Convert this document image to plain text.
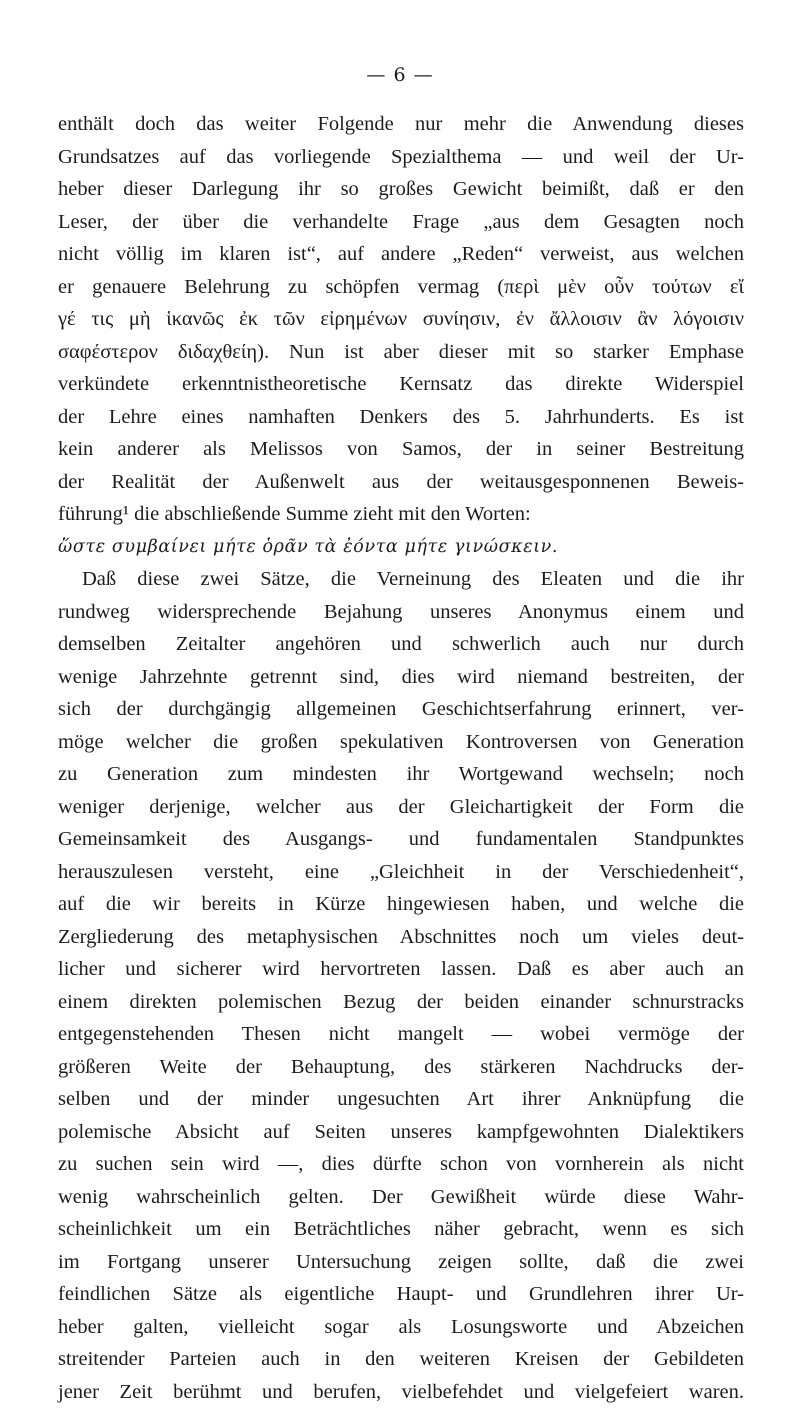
— 6 —
enthält doch das weiter Folgende nur mehr die Anwendung dieses
Grundsatzes auf das vorliegende Spezialthema — und weil der Ur-
heber dieser Darlegung ihr so großes Gewicht beimißt, daß er den
Leser, der über die verhandelte Frage „aus dem Gesagten noch
nicht völlig im klaren ist“, auf andere „Reden“ verweist, aus welchen
er genauere Belehrung zu schöpfen vermag (περὶ μὲν οὖν τούτων εἴ
γέ τις μὴ ἱκανῶς ἐκ τῶν εἰρημένων συνίησιν, ἐν ἄλλοισιν ἂν λόγοισιν
σαφέστερον διδαχθείη). Nun ist aber dieser mit so starker Emphase
verkündete erkenntnistheoretische Kernsatz das direkte Widerspiel
der Lehre eines namhaften Denkers des 5. Jahrhunderts. Es ist
kein anderer als Melissos von Samos, der in seiner Bestreitung
der Realität der Außenwelt aus der weitausgesponnenen Beweis-
führung¹ die abschließende Summe zieht mit den Worten:
ὥστε συμβαίνει μήτε ὁρᾶν τὰ ἐόντα μήτε γινώσκειν.
Daß diese zwei Sätze, die Verneinung des Eleaten und die ihr
rundweg widersprechende Bejahung unseres Anonymus einem und
demselben Zeitalter angehören und schwerlich auch nur durch
wenige Jahrzehnte getrennt sind, dies wird niemand bestreiten, der
sich der durchgängig allgemeinen Geschichtserfahrung erinnert, ver-
möge welcher die großen spekulativen Kontroversen von Generation
zu Generation zum mindesten ihr Wortgewand wechseln; noch
weniger derjenige, welcher aus der Gleichartigkeit der Form die
Gemeinsamkeit des Ausgangs- und fundamentalen Standpunktes
herauszulesen versteht, eine „Gleichheit in der Verschiedenheit“,
auf die wir bereits in Kürze hingewiesen haben, und welche die
Zergliederung des metaphysischen Abschnittes noch um vieles deut-
licher und sicherer wird hervortreten lassen. Daß es aber auch an
einem direkten polemischen Bezug der beiden einander schnurstracks
entgegenstehenden Thesen nicht mangelt — wobei vermöge der
größeren Weite der Behauptung, des stärkeren Nachdrucks der-
selben und der minder ungesuchten Art ihrer Anknüpfung die
polemische Absicht auf Seiten unseres kampfgewohnten Dialektikers
zu suchen sein wird —, dies dürfte schon von vornherein als nicht
wenig wahrscheinlich gelten. Der Gewißheit würde diese Wahr-
scheinlichkeit um ein Beträchtliches näher gebracht, wenn es sich
im Fortgang unserer Untersuchung zeigen sollte, daß die zwei
feindlichen Sätze als eigentliche Haupt- und Grundlehren ihrer Ur-
heber galten, vielleicht sogar als Losungsworte und Abzeichen
streitender Parteien auch in den weiteren Kreisen der Gebildeten
jener Zeit berühmt und berufen, vielbefehdet und vielgefeiert waren.
